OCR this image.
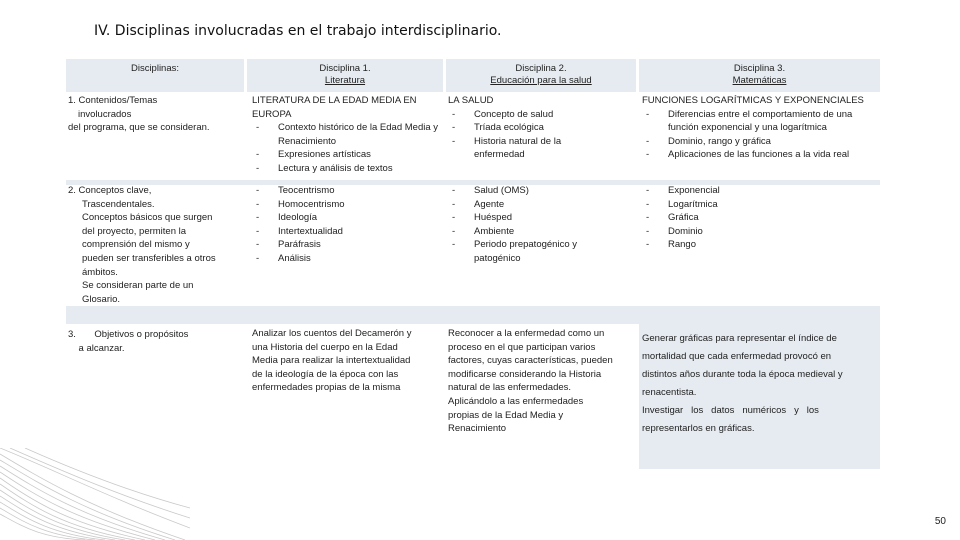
IV. Disciplinas involucradas en el trabajo interdisciplinario.
Disciplinas:	Disciplina 1.
Literatura
Disciplina 2.
Educación para la salud
Disciplina 3.
Matemáticas
1. Contenidos/Temas
involucrados
del programa, que se consideran.
LITERATURA DE LA EDAD MEDIA EN
EUROPA
- Contexto histórico de la Edad Media y Renacimiento
- Expresiones artísticas
- Lectura y análisis de textos
LA SALUD
- Concepto de salud
- Tríada ecológica
- Historia natural de la enfermedad
FUNCIONES LOGARÍTMICAS Y EXPONENCIALES
- Diferencias entre el comportamiento de una función exponencial y una logarítmica
- Dominio, rango y gráfica
- Aplicaciones de las funciones a la vida real
2. Conceptos clave,
Trascendentales.
Conceptos básicos que surgen
del proyecto, permiten la
comprensión del mismo y
pueden ser transferibles a otros
ámbitos.
Se consideran parte de un
Glosario.
- Teocentrismo
- Homocentrismo
- Ideología
- Intertextualidad
- Paráfrasis
- Análisis
- Salud (OMS)
- Agente
- Huésped
- Ambiente
- Periodo prepatogénico y patogénico
- Exponencial
- Logarítmica
- Gráfica
- Dominio
- Rango
3.       Objetivos o propósitos
a alcanzar.
Analizar los cuentos del Decamerón y
una Historia del cuerpo en la Edad
Media para realizar la intertextualidad
de la ideología de la época con las
enfermedades propias de la misma
Reconocer a la enfermedad como un
proceso en el que participan varios
factores, cuyas características, pueden
modificarse considerando la Historia
natural de las enfermedades.
Aplicándolo a las enfermedades
propias de la Edad Media y
Renacimiento
Generar gráficas para representar el índice de
mortalidad que cada enfermedad provocó en
distintos años durante toda la época medieval y
renacentista.
Investigar   los   datos   numéricos   y   los
representarlos en gráficas.
50
